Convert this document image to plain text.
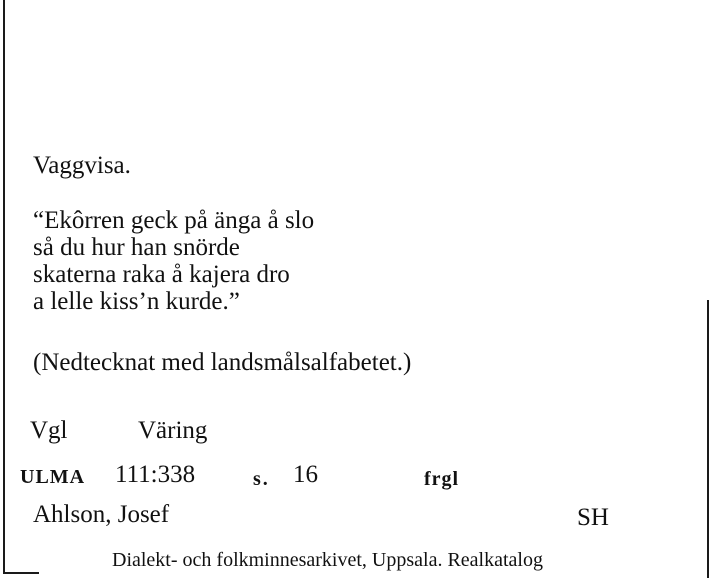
Vaggvisa.
“Ekôrren geck på änga å slo
så du hur han snörde
skaterna raka å kajera dro
a lelle kiss’n kurde.”
(Nedtecknat med landsmålsalfabetet.)
Vgl	Väring
ULMA 111:338	s. 16	frgl
Ahlson, Josef	SH
Dialekt- och folkminnesarkivet, Uppsala. Realkatalog
